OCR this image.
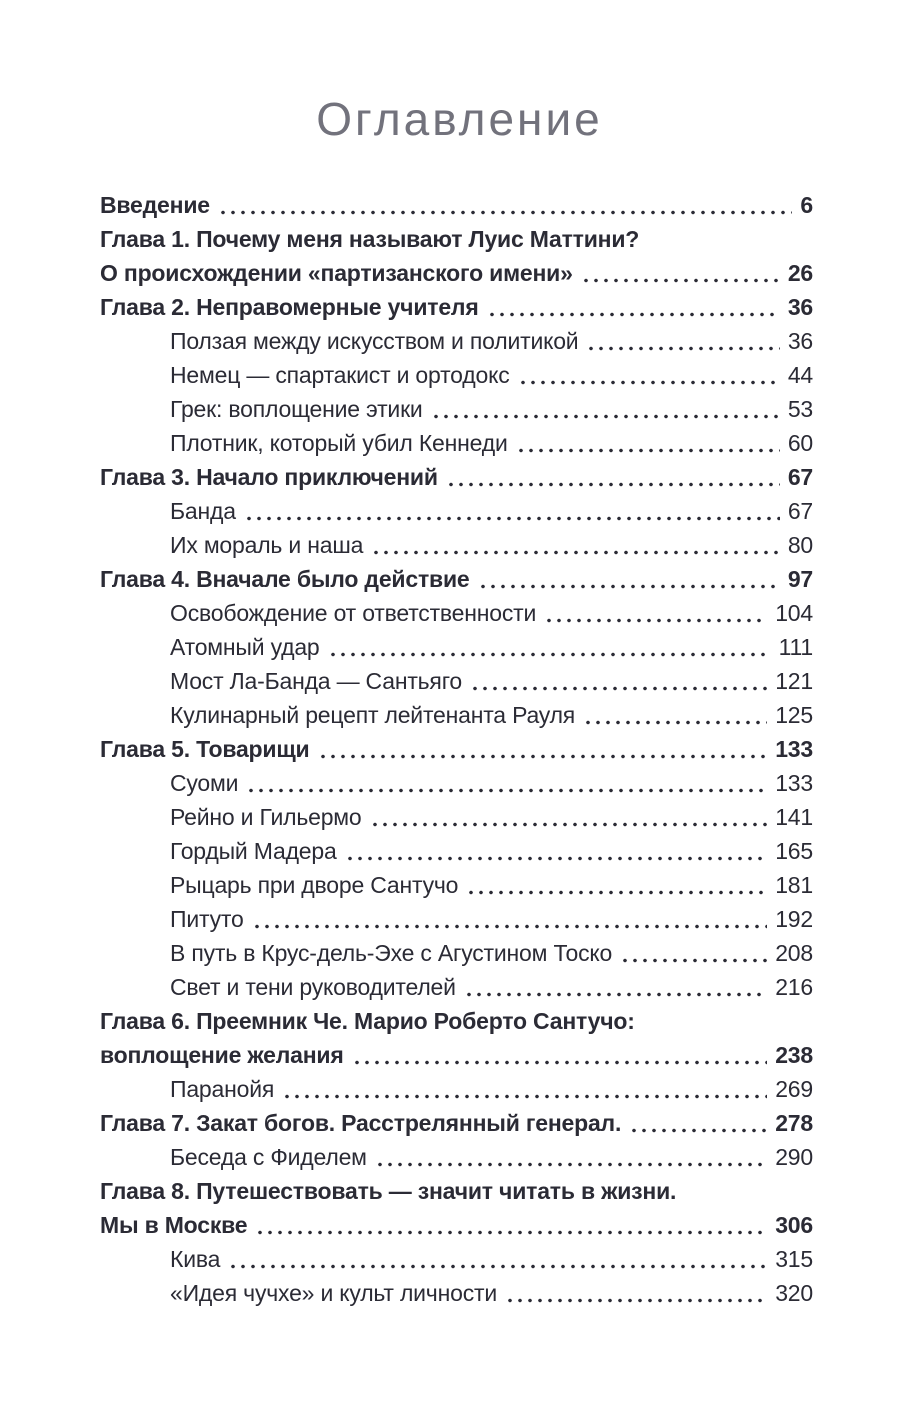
Оглавление
Введение	6
Глава 1. Почему меня называют Луис Маттини?
О происхождении «партизанского имени»	26
Глава 2. Неправомерные учителя	36
Ползая между искусством и политикой	36
Немец — спартакист и ортодокс	44
Грек: воплощение этики	53
Плотник, который убил Кеннеди	60
Глава 3. Начало приключений	67
Банда	67
Их мораль и наша	80
Глава 4. Вначале было действие	97
Освобождение от ответственности	104
Атомный удар	111
Мост Ла-Банда — Сантьяго	121
Кулинарный рецепт лейтенанта Рауля	125
Глава 5. Товарищи	133
Суоми	133
Рейно и Гильермо	141
Гордый Мадера	165
Рыцарь при дворе Сантучо	181
Питуто	192
В путь в Крус-дель-Эхе с Агустином Тоско	208
Свет и тени руководителей	216
Глава 6. Преемник Че. Марио Роберто Сантучо:
воплощение желания	238
Паранойя	269
Глава 7. Закат богов. Расстрелянный генерал.	278
Беседа с Фиделем	290
Глава 8. Путешествовать — значит читать в жизни.
Мы в Москве	306
Кива	315
«Идея чучхе» и культ личности	320
